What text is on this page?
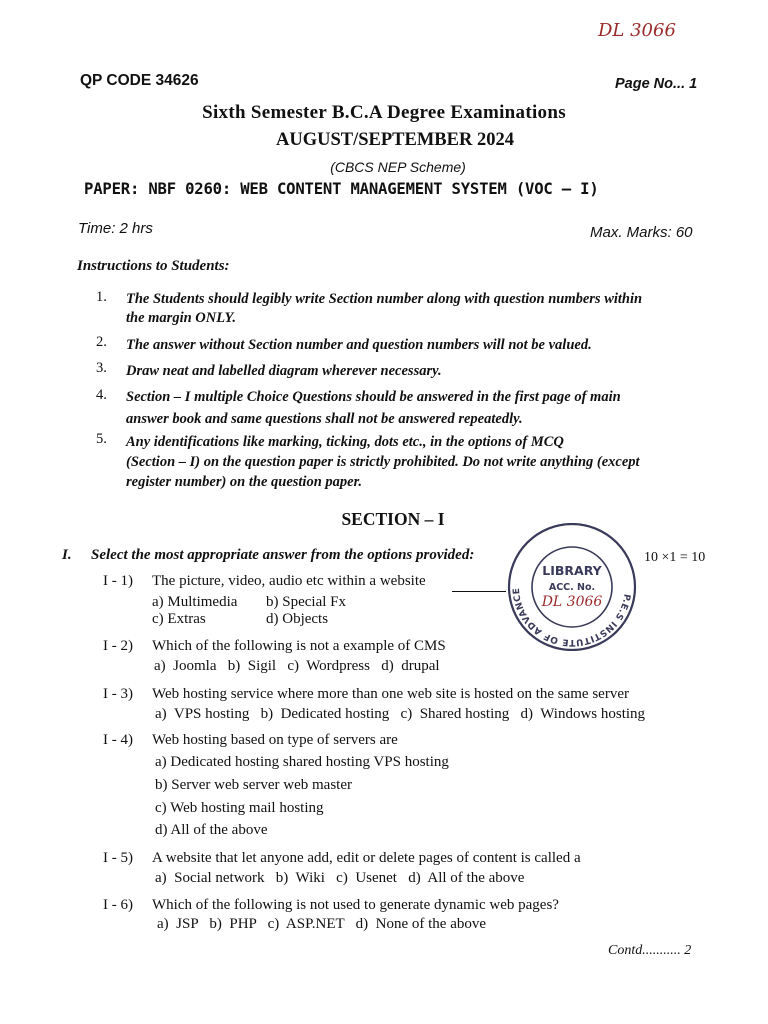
DL 3066
QP CODE 34626	Page No... 1
Sixth Semester B.C.A Degree Examinations
AUGUST/SEPTEMBER 2024
(CBCS NEP Scheme)
PAPER: NBF 0260: WEB CONTENT MANAGEMENT SYSTEM (VOC – I)
Time: 2 hrs	Max. Marks: 60
Instructions to Students:
1. The Students should legibly write Section number along with question numbers within
the margin ONLY.
2. The answer without Section number and question numbers will not be valued.
3. Draw neat and labelled diagram wherever necessary.
4. Section – I multiple Choice Questions should be answered in the first page of main
answer book and same questions shall not be answered repeatedly.
5. Any identifications like marking, ticking, dots etc., in the options of MCQ
(Section – I) on the question paper is strictly prohibited. Do not write anything (except
register number) on the question paper.
SECTION – I
I. Select the most appropriate answer from the options provided:	10 ×1 = 10
P.E.S INSTITUTE OF ADVANCE
LIBRARY
ACC. No.
DL 3066
I - 1) The picture, video, audio etc within a website
a) Multimedia b) Special Fx
c) Extras	d) Objects
I - 2) Which of the following is not a example of CMS
a)  Joomla   b)  Sigil   c)  Wordpress   d)  drupal
I - 3) Web hosting service where more than one web site is hosted on the same server
a)  VPS hosting   b)  Dedicated hosting   c)  Shared hosting   d)  Windows hosting
I - 4) Web hosting based on type of servers are
a) Dedicated hosting shared hosting VPS hosting
b) Server web server web master
c) Web hosting mail hosting
d) All of the above
I - 5) A website that let anyone add, edit or delete pages of content is called a
a)  Social network   b)  Wiki   c)  Usenet   d)  All of the above
I - 6) Which of the following is not used to generate dynamic web pages?
a)  JSP   b)  PHP   c)  ASP.NET   d)  None of the above
Contd........... 2
